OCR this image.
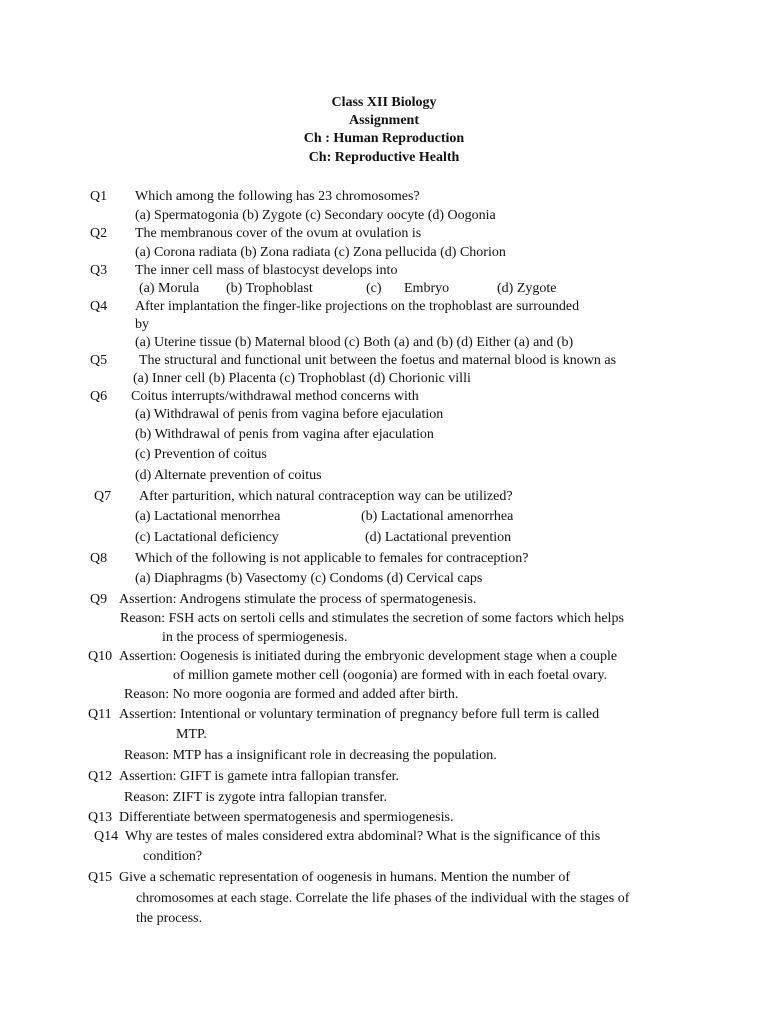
Class XII Biology
Assignment
Ch : Human Reproduction
Ch: Reproductive Health
Q1 Which among the following has 23 chromosomes?
(a) Spermatogonia (b) Zygote (c) Secondary oocyte (d) Oogonia
Q2 The membranous cover of the ovum at ovulation is
(a) Corona radiata (b) Zona radiata (c) Zona pellucida (d) Chorion
Q3 The inner cell mass of blastocyst develops into
(a) Morula (b) Trophoblast	(c) Embryo	(d) Zygote
Q4 After implantation the finger-like projections on the trophoblast are surrounded
by
(a) Uterine tissue (b) Maternal blood (c) Both (a) and (b) (d) Either (a) and (b)
Q5 The structural and functional unit between the foetus and maternal blood is known as
(a) Inner cell (b) Placenta (c) Trophoblast (d) Chorionic villi
Q6 Coitus interrupts/withdrawal method concerns with
(a) Withdrawal of penis from vagina before ejaculation
(b) Withdrawal of penis from vagina after ejaculation
(c) Prevention of coitus
(d) Alternate prevention of coitus
Q7 After parturition, which natural contraception way can be utilized?
(a) Lactational menorrhea	(b) Lactational amenorrhea
(c) Lactational deficiency	(d) Lactational prevention
Q8 Which of the following is not applicable to females for contraception?
(a) Diaphragms (b) Vasectomy (c) Condoms (d) Cervical caps
Q9 Assertion: Androgens stimulate the process of spermatogenesis.
Reason: FSH acts on sertoli cells and stimulates the secretion of some factors which helps
in the process of spermiogenesis.
Q10 Assertion: Oogenesis is initiated during the embryonic development stage when a couple
of million gamete mother cell (oogonia) are formed with in each foetal ovary.
Reason: No more oogonia are formed and added after birth.
Q11 Assertion: Intentional or voluntary termination of pregnancy before full term is called
MTP.
Reason: MTP has a insignificant role in decreasing the population.
Q12 Assertion: GIFT is gamete intra fallopian transfer.
Reason: ZIFT is zygote intra fallopian transfer.
Q13 Differentiate between spermatogenesis and spermiogenesis.
Q14 Why are testes of males considered extra abdominal? What is the significance of this
condition?
Q15 Give a schematic representation of oogenesis in humans. Mention the number of
chromosomes at each stage. Correlate the life phases of the individual with the stages of
the process.
